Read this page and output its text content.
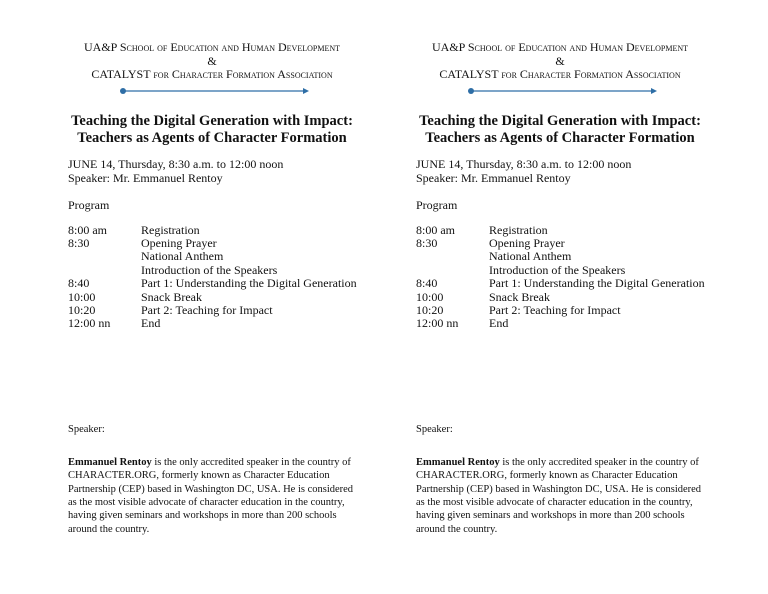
UA&P School of Education and Human Development
&
CATALYST for Character Formation Association
Teaching the Digital Generation with Impact:
Teachers as Agents of Character Formation
JUNE 14, Thursday, 8:30 a.m. to 12:00 noon
Speaker: Mr. Emmanuel Rentoy
Program
8:00 am	Registration
8:30	Opening Prayer
National Anthem
Introduction of the Speakers
8:40	Part 1: Understanding the Digital Generation
10:00	Snack Break
10:20	Part 2: Teaching for Impact
12:00 nn	End
Speaker:
Emmanuel Rentoy is the only accredited speaker in the country of CHARACTER.ORG, formerly known as Character Education Partnership (CEP) based in Washington DC, USA. He is considered as the most visible advocate of character education in the country, having given seminars and workshops in more than 200 schools around the country.
UA&P School of Education and Human Development
&
CATALYST for Character Formation Association
Teaching the Digital Generation with Impact:
Teachers as Agents of Character Formation
JUNE 14, Thursday, 8:30 a.m. to 12:00 noon
Speaker: Mr. Emmanuel Rentoy
Program
8:00 am	Registration
8:30	Opening Prayer
National Anthem
Introduction of the Speakers
8:40	Part 1: Understanding the Digital Generation
10:00	Snack Break
10:20	Part 2: Teaching for Impact
12:00 nn	End
Speaker:
Emmanuel Rentoy is the only accredited speaker in the country of CHARACTER.ORG, formerly known as Character Education Partnership (CEP) based in Washington DC, USA. He is considered as the most visible advocate of character education in the country, having given seminars and workshops in more than 200 schools around the country.
